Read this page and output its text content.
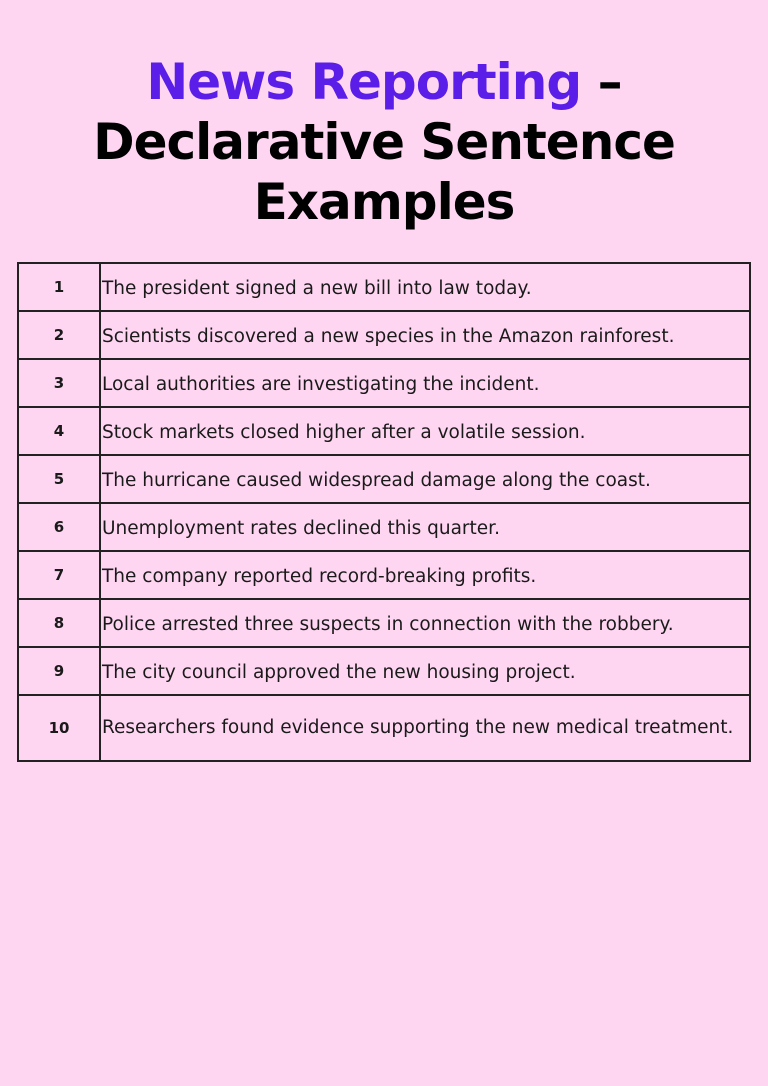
News Reporting –
Declarative Sentence
Examples
1	The president signed a new bill into law today.
2	Scientists discovered a new species in the Amazon rainforest.
3	Local authorities are investigating the incident.
4	Stock markets closed higher after a volatile session.
5	The hurricane caused widespread damage along the coast.
6	Unemployment rates declined this quarter.
7	The company reported record-breaking profits.
8	Police arrested three suspects in connection with the robbery.
9	The city council approved the new housing project.
10	Researchers found evidence supporting the new medical treatment.
